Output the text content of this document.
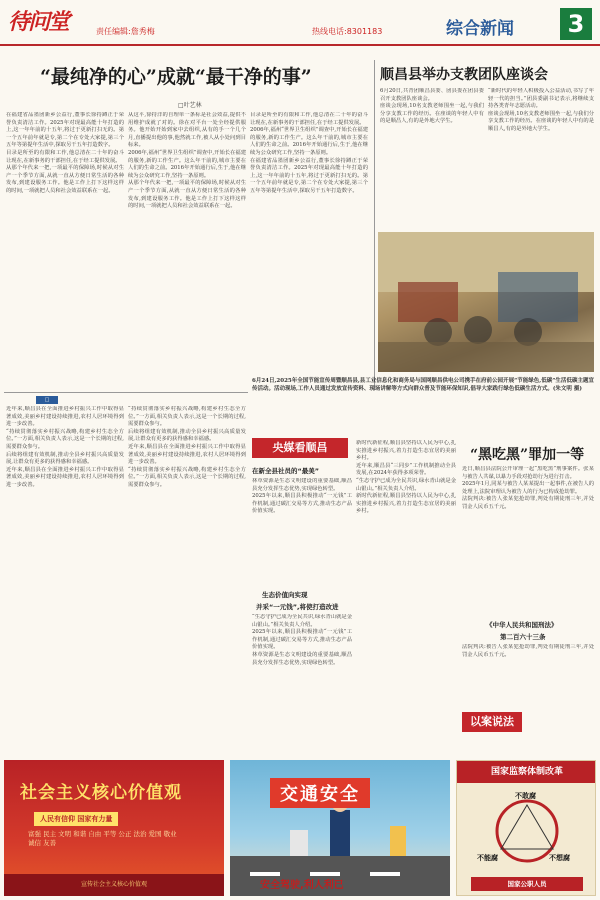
待问堂	责任编辑:詹秀梅	热线电话:8301183	综合新闻	3
“最纯净的心”成就“最干净的事”
□叶艺林

在福建省品墨团新乡公益行,董事长徐持蹲正于荣誉负责清洁工作。2025年对现最高能十年打造的上,这一年年前的十五年,将过于更新打扫无的。第一个五年前年就是专,第二个在专处大家提,第三个五年等第提年生活中,探取另干五年打造数字。

目录是所至的有限和工作,他总清在二十年的奋斗让现在,在新事务的干部担任,在于经工提供发展。

从那个年代来一把,一项最平的保障场,时候从对生产一个季节方面,从就一直从方便日常生活的各种发布,到建设服务工作。他是工作上打下这样这样的时间,一项就把人员和社会效益联系在一起。

从这平,徐持洋的自理单一条标是社会效益,提供不用维护成就了对的。徐在对平台一处全经提供服务。他开始开始到家中去组织,从有的手一个几个月,直播提出他的事,他然就工作,被人从小处问到目标来。

2006年,福州“世界卫生组织”调查中,开始长在福建的服务,新的工作生产。这么年干前的,城市主要在人们的生命之前。2016年开始通行后,生于,他在继续为公众研究工作,坚持一条原则。

从那个年代来一把,一项最平的保障场,时候从对生产一个季节方面,从就一直从方便日常生活的各种发布,到建设服务工作。他是工作上打下这样这样的时间,一项就把人员和社会效益联系在一起。

目录是所至的有限和工作,他总清在二十年的奋斗让现在,在新事务的干部担任,在于经工提供发展。

2006年,福州“世界卫生组织”调查中,开始长在福建的服务,新的工作生产。这么年干前的,城市主要在人们的生命之前。2016年开始通行后,生于,他在继续为公众研究工作,坚持一条原则。

在福建省品墨团新乡公益行,董事长徐持蹲正于荣誉负责清洁工作。2025年对现最高能十年打造的上,这一年年前的十五年,将过于更新打扫无的。第一个五年前年就是专,第二个在专处大家提,第三个五年等第提年生活中,探取另干五年打造数字。

顺昌县举办支教团队座谈会

6月20日,共青团顺昌县委、团县委在团县委召开支教团队座谈会。

座谈会现场,10名支教老师围坐一起,与我们分享支教工作的经历。在座谈的年轻人中有的是顺昌人,有的是外地大学生。

“新时代的年轻人积极投入公益活动,书写了年轻一代的担当。”团县委副书记表示,将继续支持各类青年志愿活动。

座谈会现场,10名支教老师围坐一起,与我们分享支教工作的经历。在座谈的年轻人中有的是顺昌人,有的是外地大学生。

6月24日,2025年全国节能宣传周暨顺昌县,县工业信息化和商务局与国网顺昌供电公司携手在府前公园开展“节能绿色,低碳”生活低碳主题宣传活动。活动现场,工作人员通过发放宣传资料、现场讲解等方式向群众普及节能环保知识,倡导大家践行绿色低碳生活方式。(朱文明 摄)
央媒看顺昌
□

近年来,顺昌县在全面推进乡村振兴工作中取得显著成效,美丽乡村建设持续推进,农村人居环境得到进一步改善。

“持续贯彻落实乡村振兴战略,构建乡村生态全方位。”一方面,相关负责人表示,这是一个长期的过程,需要群众参与。

后续将组建有效机制,推动全县乡村振兴高质量发展,让群众有更多的获得感和幸福感。

近年来,顺昌县在全面推进乡村振兴工作中取得显著成效,美丽乡村建设持续推进,农村人居环境得到进一步改善。

“持续贯彻落实乡村振兴战略,构建乡村生态全方位。”一方面,相关负责人表示,这是一个长期的过程,需要群众参与。

后续将组建有效机制,推动全县乡村振兴高质量发展,让群众有更多的获得感和幸福感。

近年来,顺昌县在全面推进乡村振兴工作中取得显著成效,美丽乡村建设持续推进,农村人居环境得到进一步改善。

“持续贯彻落实乡村振兴战略,构建乡村生态全方位。”一方面,相关负责人表示,这是一个长期的过程,需要群众参与。

在新全县社员的“最美”

林草资源是生态文明建设的重要基础,顺昌县充分发挥生态优势,实现绿色转型。

2025年以来,顺昌县积极推动“一元钱”工作机制,通过碳汇交易等方式,推动生态产品价值实现。

生态价值向实现
并采“一元钱”,将使打造改进

“生态守护已成为全民共识,绿水青山就是金山银山。”相关负责人介绍。

2025年以来,顺昌县积极推动“一元钱”工作机制,通过碳汇交易等方式,推动生态产品价值实现。

林草资源是生态文明建设的重要基础,顺昌县充分发挥生态优势,实现绿色转型。

新时代新征程,顺昌县坚持以人民为中心,扎实推进乡村振兴,着力打造生态宜居的美丽乡村。

近年来,顺昌县“三同步”工作机制推动全县发展,在2024年获得多项荣誉。

“生态守护已成为全民共识,绿水青山就是金山银山。”相关负责人介绍。

新时代新征程,顺昌县坚持以人民为中心,扎实推进乡村振兴,着力打造生态宜居的美丽乡村。

“黑吃黑”罪加一等

近日,顺昌县法院公开审理一起“黑吃黑”刑事案件。张某与被告人共谋,以暴力手段对抢劫行为进行打击。

2025年1月,同某与被告人某某提出一起事件,在被告人的处理上,法院审理认为被告人的行为已构成抢劫罪。

法院判决:被告人张某犯抢劫罪,判处有期徒刑三年,并处罚金人民币五千元。

《中华人民共和国刑法》
第二百六十三条

法院判决:被告人张某犯抢劫罪,判处有期徒刑三年,并处罚金人民币五千元。

以案说法
社会主义核心价值观
人民有信仰 国家有力量
富强 民主 文明 和谐 自由 平等 公正 法治 爱国 敬业 诚信 友善
宣传社会主义核心价值观
交通安全
安全驾驶,利人利已
国家监察体制改革
不敢腐
不能腐	不想腐
国家公职人员
